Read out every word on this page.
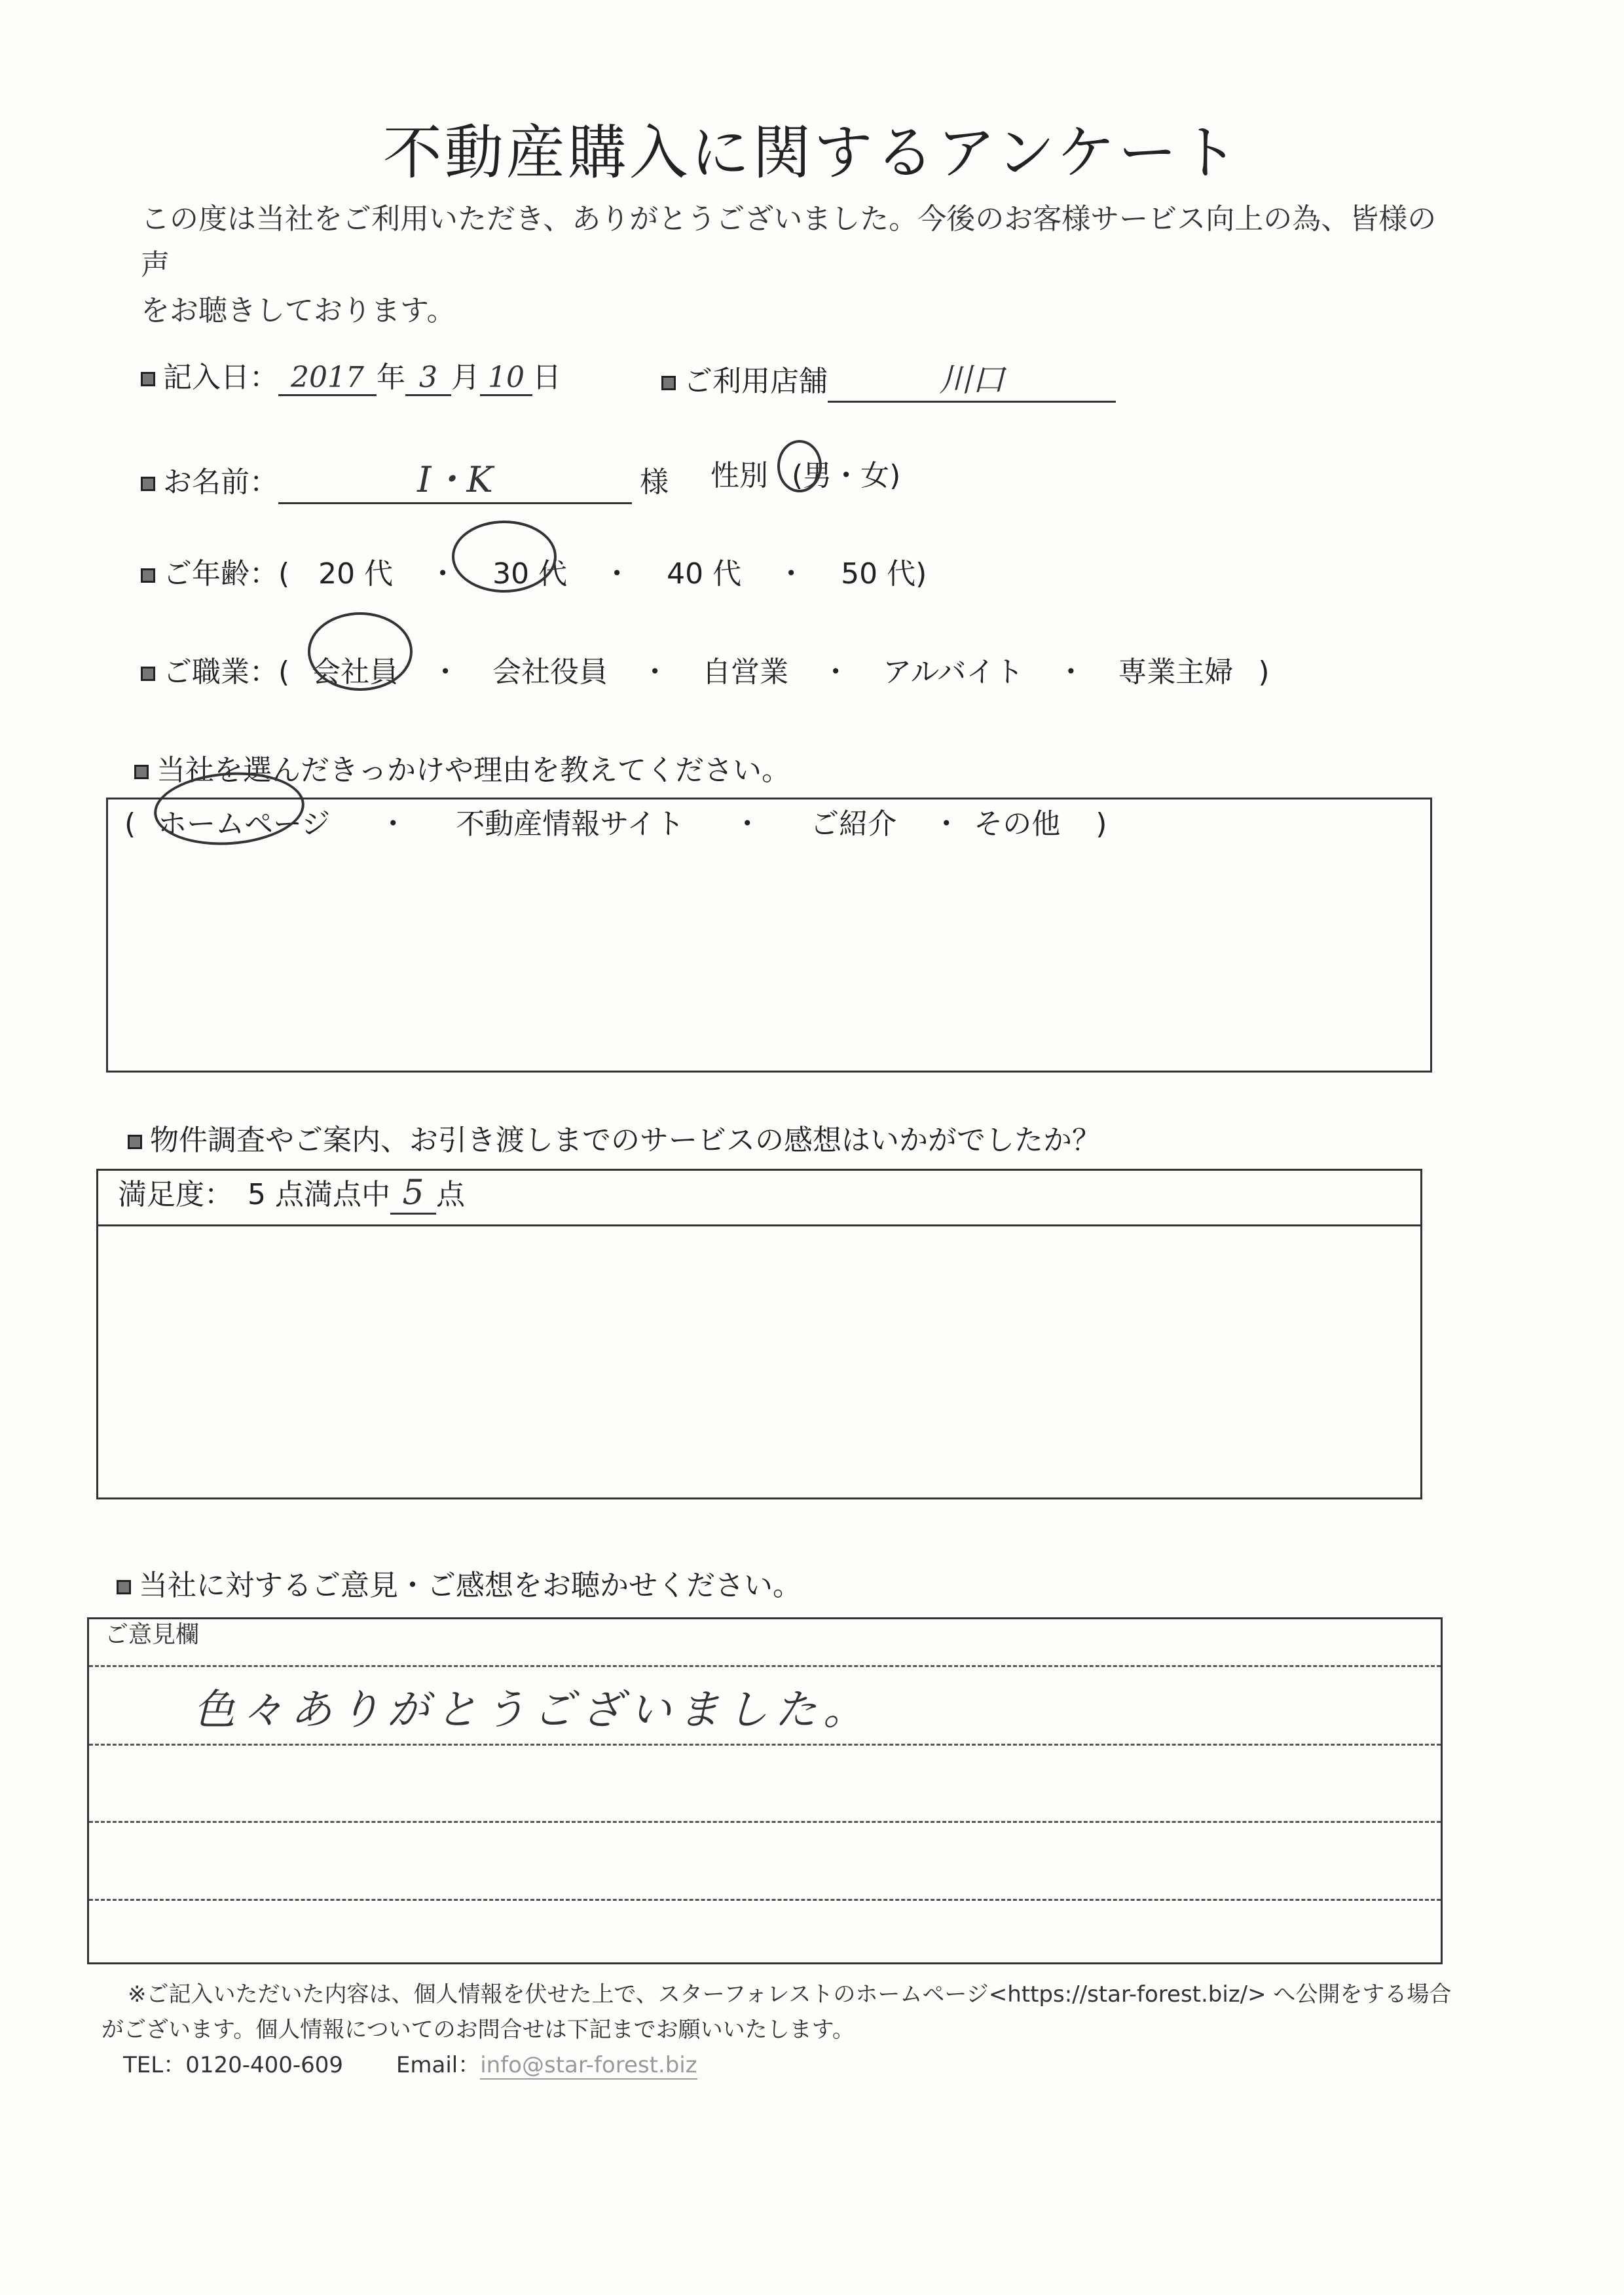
不動産購入に関するアンケート
この度は当社をご利用いただき、ありがとうございました。今後のお客様サービス向上の為、皆様の声
をお聴きしております。
記入日： 2017 年 3 月 10 日	ご利用店舗	川口
お名前：	I・K	様 性別 (男・女)
ご年齢：( 20 代 ・ 30 代 ・ 40 代 ・ 50 代)
ご職業：( 会社員 ・ 会社役員 ・ 自営業 ・ アルバイト ・ 専業主婦 )
当社を選んだきっかけや理由を教えてください。
( ホームページ ・ 不動産情報サイト ・ ご紹介 ・ その他 )
物件調査やご案内、お引き渡しまでのサービスの感想はいかがでしたか？
満足度：　5 点満点中 5 点
当社に対するご意見・ご感想をお聴かせください。
ご意見欄
色々ありがとうございました。
※ご記入いただいた内容は、個人情報を伏せた上で、スターフォレストのホームページ<https://star-forest.biz/> へ公開をする場合
がございます。個人情報についてのお問合せは下記までお願いいたします。
TEL：0120-400-609 Email：info@star-forest.biz
